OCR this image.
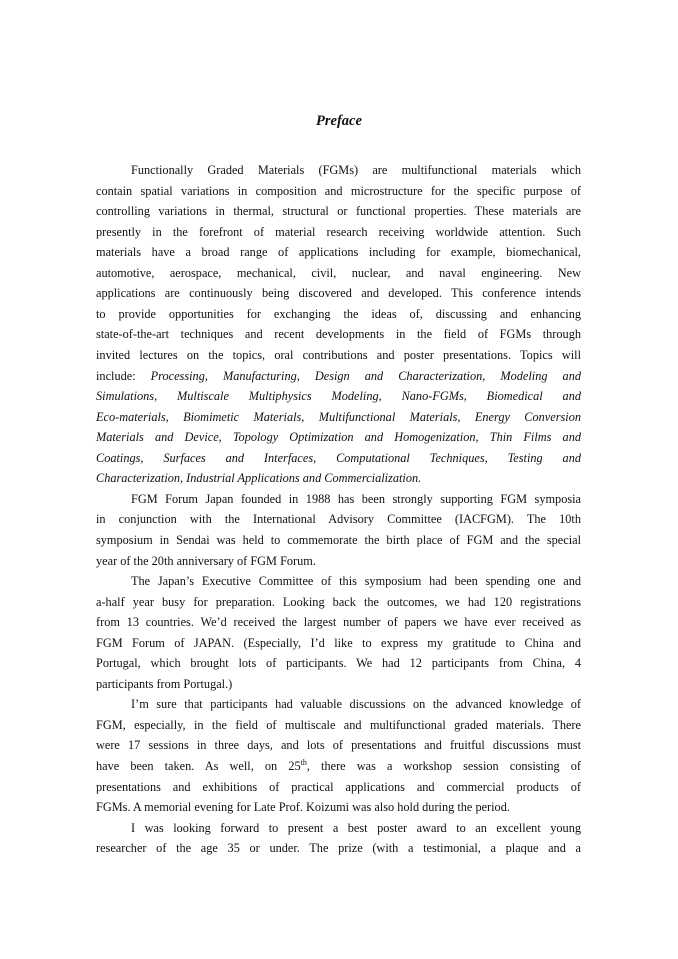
Preface
Functionally Graded Materials (FGMs) are multifunctional materials which
contain spatial variations in composition and microstructure for the specific purpose of
controlling variations in thermal, structural or functional properties. These materials are
presently in the forefront of material research receiving worldwide attention. Such
materials have a broad range of applications including for example, biomechanical,
automotive, aerospace, mechanical, civil, nuclear, and naval engineering. New
applications are continuously being discovered and developed. This conference intends
to provide opportunities for exchanging the ideas of, discussing and enhancing
state-of-the-art techniques and recent developments in the field of FGMs through
invited lectures on the topics, oral contributions and poster presentations. Topics will
include: Processing, Manufacturing, Design and Characterization, Modeling and
Simulations, Multiscale Multiphysics Modeling, Nano-FGMs, Biomedical and
Eco-materials, Biomimetic Materials, Multifunctional Materials, Energy Conversion
Materials and Device, Topology Optimization and Homogenization, Thin Films and
Coatings, Surfaces and Interfaces, Computational Techniques, Testing and
Characterization, Industrial Applications and Commercialization.
FGM Forum Japan founded in 1988 has been strongly supporting FGM symposia
in conjunction with the International Advisory Committee (IACFGM). The 10th
symposium in Sendai was held to commemorate the birth place of FGM and the special
year of the 20th anniversary of FGM Forum.
The Japan’s Executive Committee of this symposium had been spending one and
a-half year busy for preparation. Looking back the outcomes, we had 120 registrations
from 13 countries. We’d received the largest number of papers we have ever received as
FGM Forum of JAPAN. (Especially, I’d like to express my gratitude to China and
Portugal, which brought lots of participants. We had 12 participants from China, 4
participants from Portugal.)
I’m sure that participants had valuable discussions on the advanced knowledge of
FGM, especially, in the field of multiscale and multifunctional graded materials. There
were 17 sessions in three days, and lots of presentations and fruitful discussions must
have been taken. As well, on 25th, there was a workshop session consisting of
presentations and exhibitions of practical applications and commercial products of
FGMs. A memorial evening for Late Prof. Koizumi was also hold during the period.
I was looking forward to present a best poster award to an excellent young
researcher of the age 35 or under. The prize (with a testimonial, a plaque and a
